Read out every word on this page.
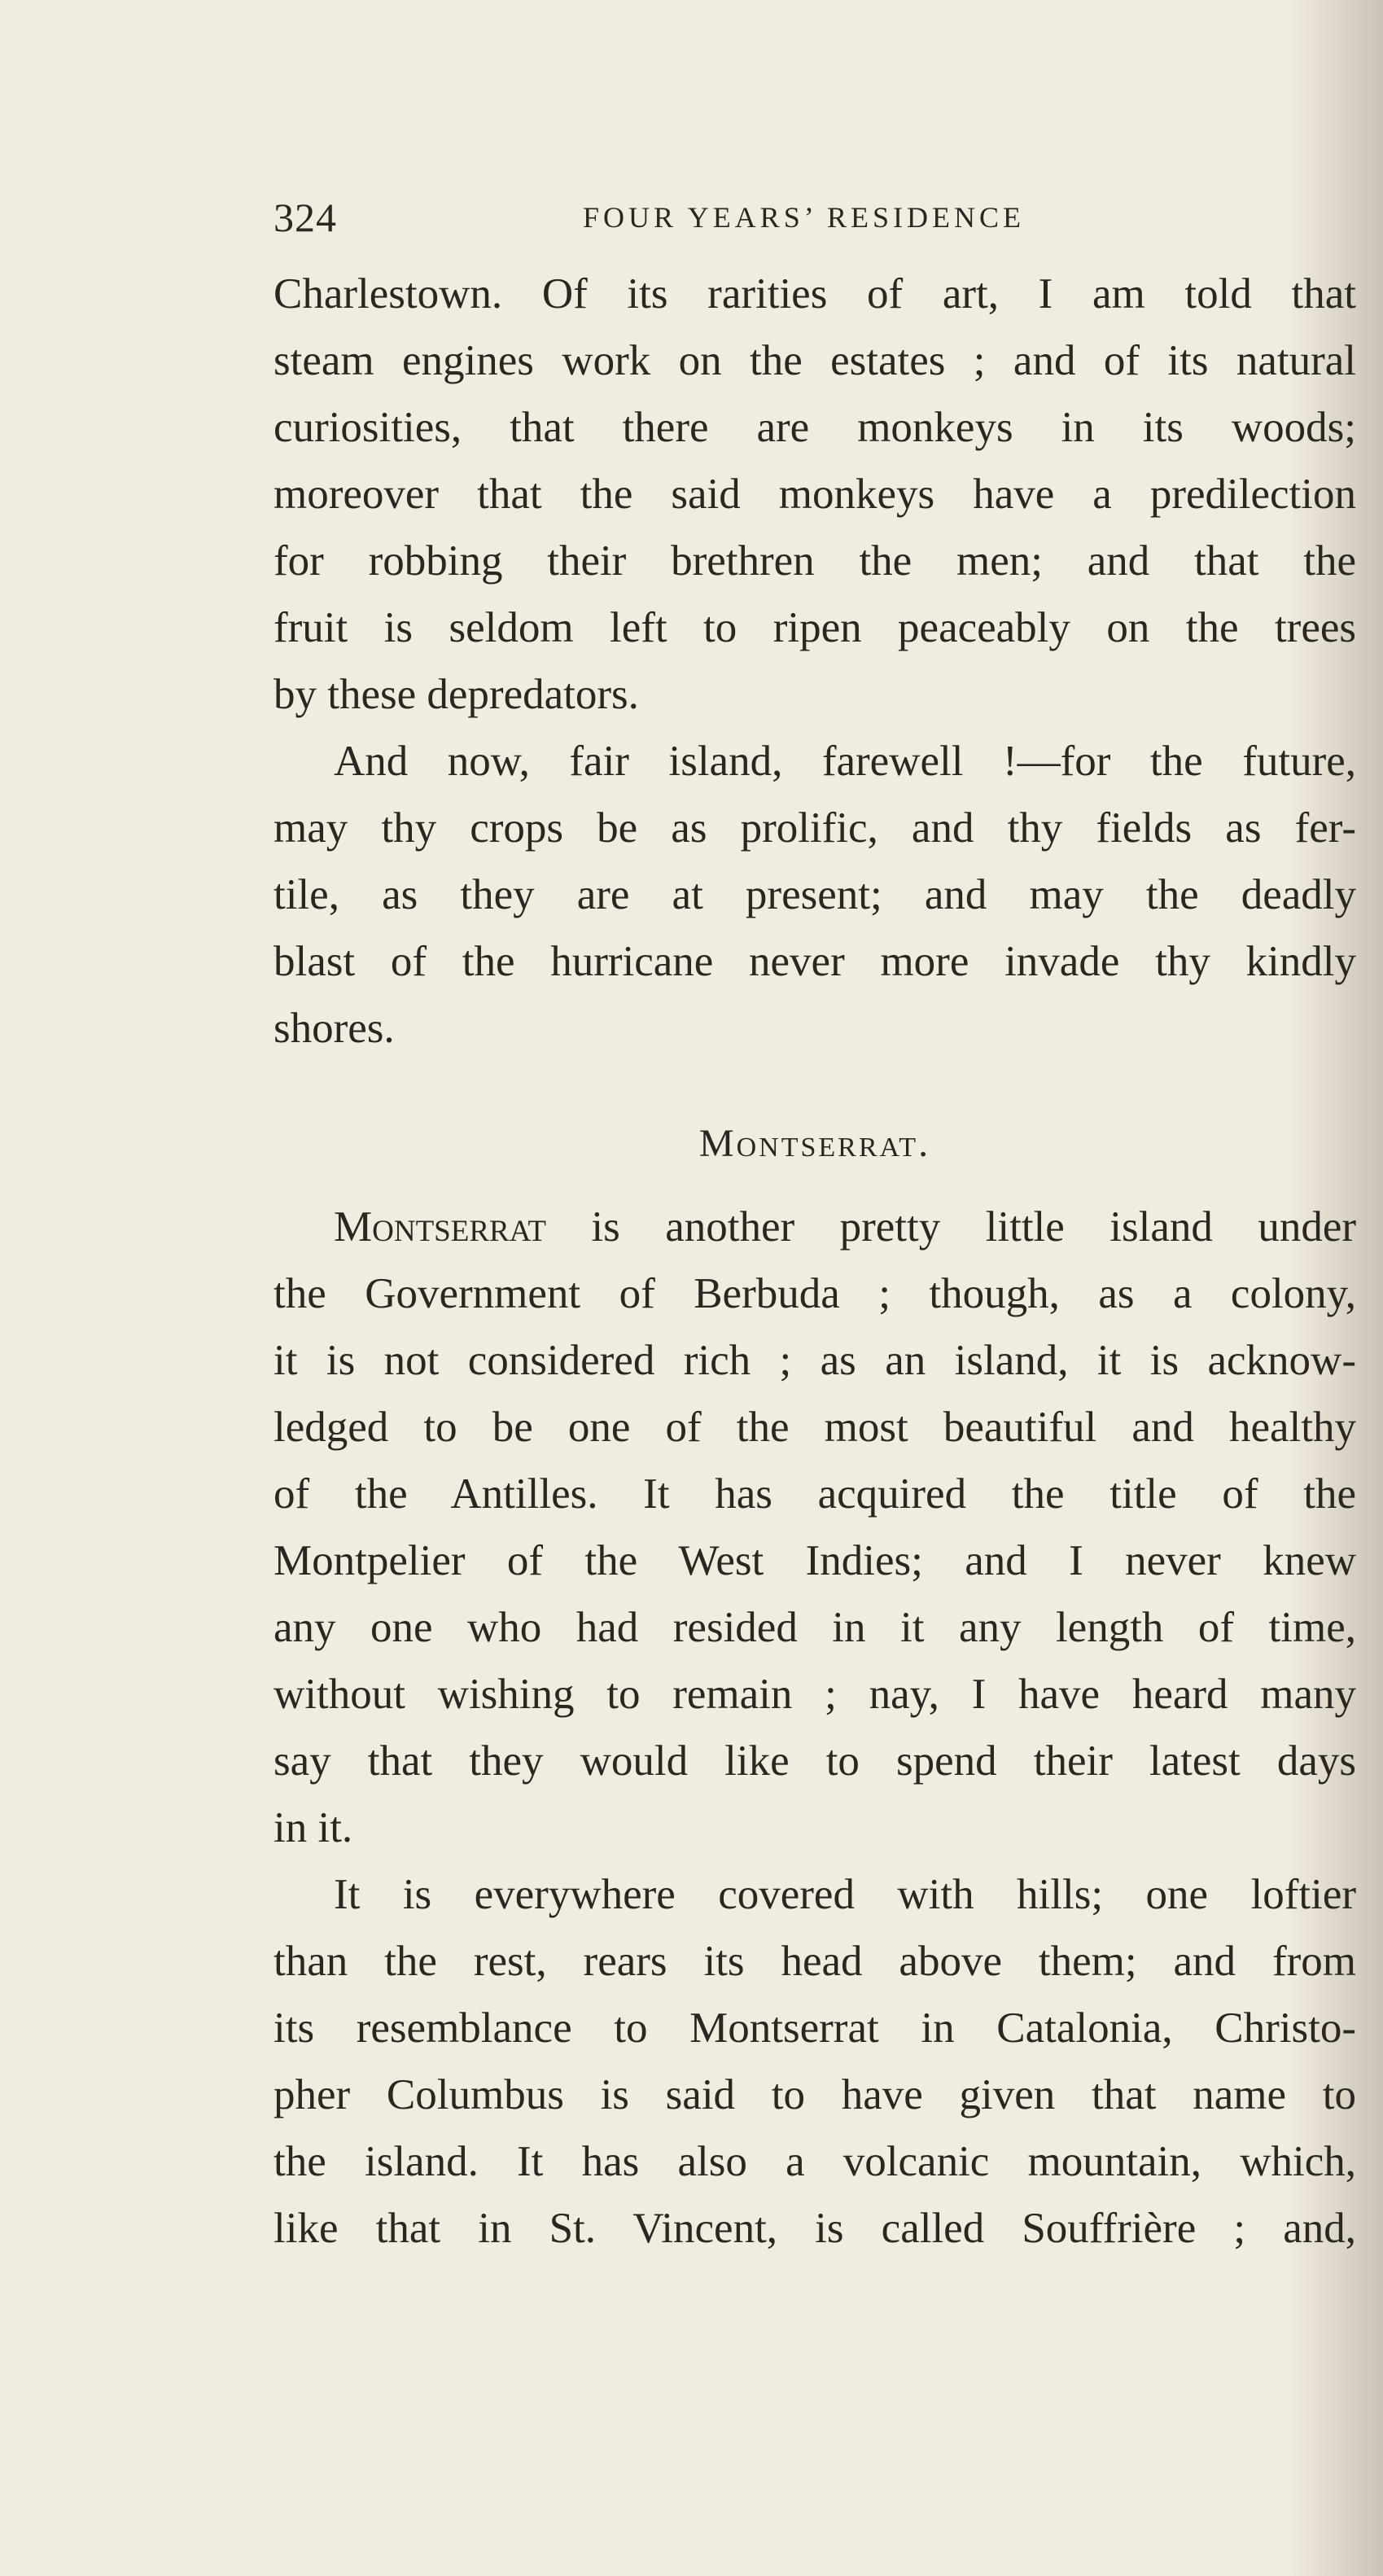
324	FOUR YEARS’ RESIDENCE
Charlestown. Of its rarities of art, I am told that
steam engines work on the estates ; and of its natural
curiosities, that there are monkeys in its woods;
moreover that the said monkeys have a predilection
for robbing their brethren the men; and that the
fruit is seldom left to ripen peaceably on the trees
by these depredators.
And now, fair island, farewell !—for the future,
may thy crops be as prolific, and thy fields as fer-
tile, as they are at present; and may the deadly
blast of the hurricane never more invade thy kindly
shores.
Montserrat.
Montserrat is another pretty little island under
the Government of Berbuda ; though, as a colony,
it is not considered rich ; as an island, it is acknow-
ledged to be one of the most beautiful and healthy
of the Antilles. It has acquired the title of the
Montpelier of the West Indies; and I never knew
any one who had resided in it any length of time,
without wishing to remain ; nay, I have heard many
say that they would like to spend their latest days
in it.
It is everywhere covered with hills; one loftier
than the rest, rears its head above them; and from
its resemblance to Montserrat in Catalonia, Christo-
pher Columbus is said to have given that name to
the island. It has also a volcanic mountain, which,
like that in St. Vincent, is called Souffrière ; and,
